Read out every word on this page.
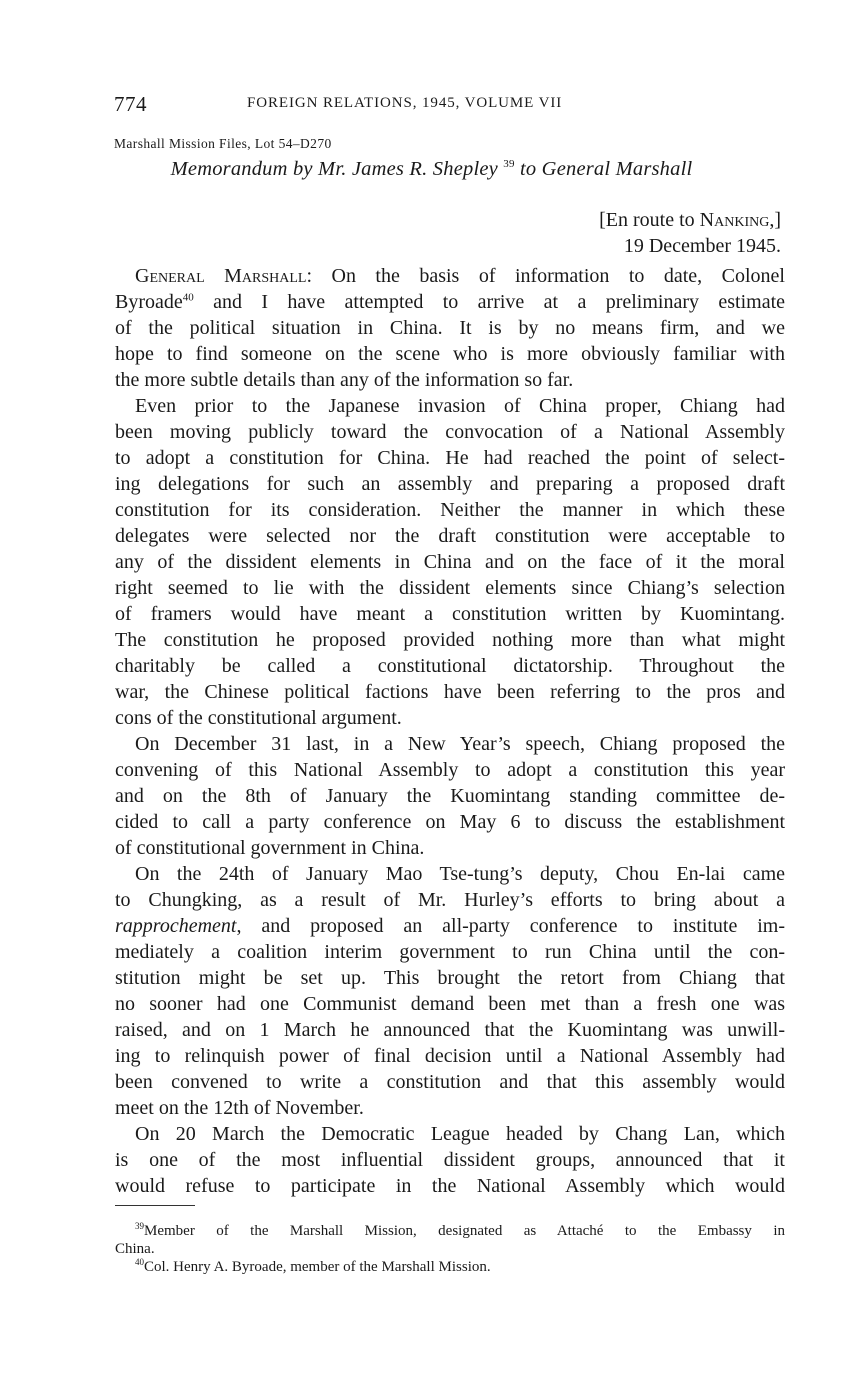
774	FOREIGN RELATIONS, 1945, VOLUME VII
Marshall Mission Files, Lot 54–D270
Memorandum by Mr. James R. Shepley $^{39}$ to General Marshall
[En route to Nanking,]
19 December 1945.
General Marshall: On the basis of information to date, Colonel
Byroade$^{40}$ and I have attempted to arrive at a preliminary estimate
of the political situation in China. It is by no means firm, and we
hope to find someone on the scene who is more obviously familiar with
the more subtle details than any of the information so far.
Even prior to the Japanese invasion of China proper, Chiang had
been moving publicly toward the convocation of a National Assembly
to adopt a constitution for China. He had reached the point of select-
ing delegations for such an assembly and preparing a proposed draft
constitution for its consideration. Neither the manner in which these
delegates were selected nor the draft constitution were acceptable to
any of the dissident elements in China and on the face of it the moral
right seemed to lie with the dissident elements since Chiang’s selection
of framers would have meant a constitution written by Kuomintang.
The constitution he proposed provided nothing more than what might
charitably be called a constitutional dictatorship. Throughout the
war, the Chinese political factions have been referring to the pros and
cons of the constitutional argument.
On December 31 last, in a New Year’s speech, Chiang proposed the
convening of this National Assembly to adopt a constitution this year
and on the 8th of January the Kuomintang standing committee de-
cided to call a party conference on May 6 to discuss the establishment
of constitutional government in China.
On the 24th of January Mao Tse-tung’s deputy, Chou En-lai came
to Chungking, as a result of Mr. Hurley’s efforts to bring about a
rapprochement, and proposed an all-party conference to institute im-
mediately a coalition interim government to run China until the con-
stitution might be set up. This brought the retort from Chiang that
no sooner had one Communist demand been met than a fresh one was
raised, and on 1 March he announced that the Kuomintang was unwill-
ing to relinquish power of final decision until a National Assembly had
been convened to write a constitution and that this assembly would
meet on the 12th of November.
On 20 March the Democratic League headed by Chang Lan, which
is one of the most influential dissident groups, announced that it
would refuse to participate in the National Assembly which would
$^{39}$Member of the Marshall Mission, designated as Attaché to the Embassy in
China.
$^{40}$Col. Henry A. Byroade, member of the Marshall Mission.
